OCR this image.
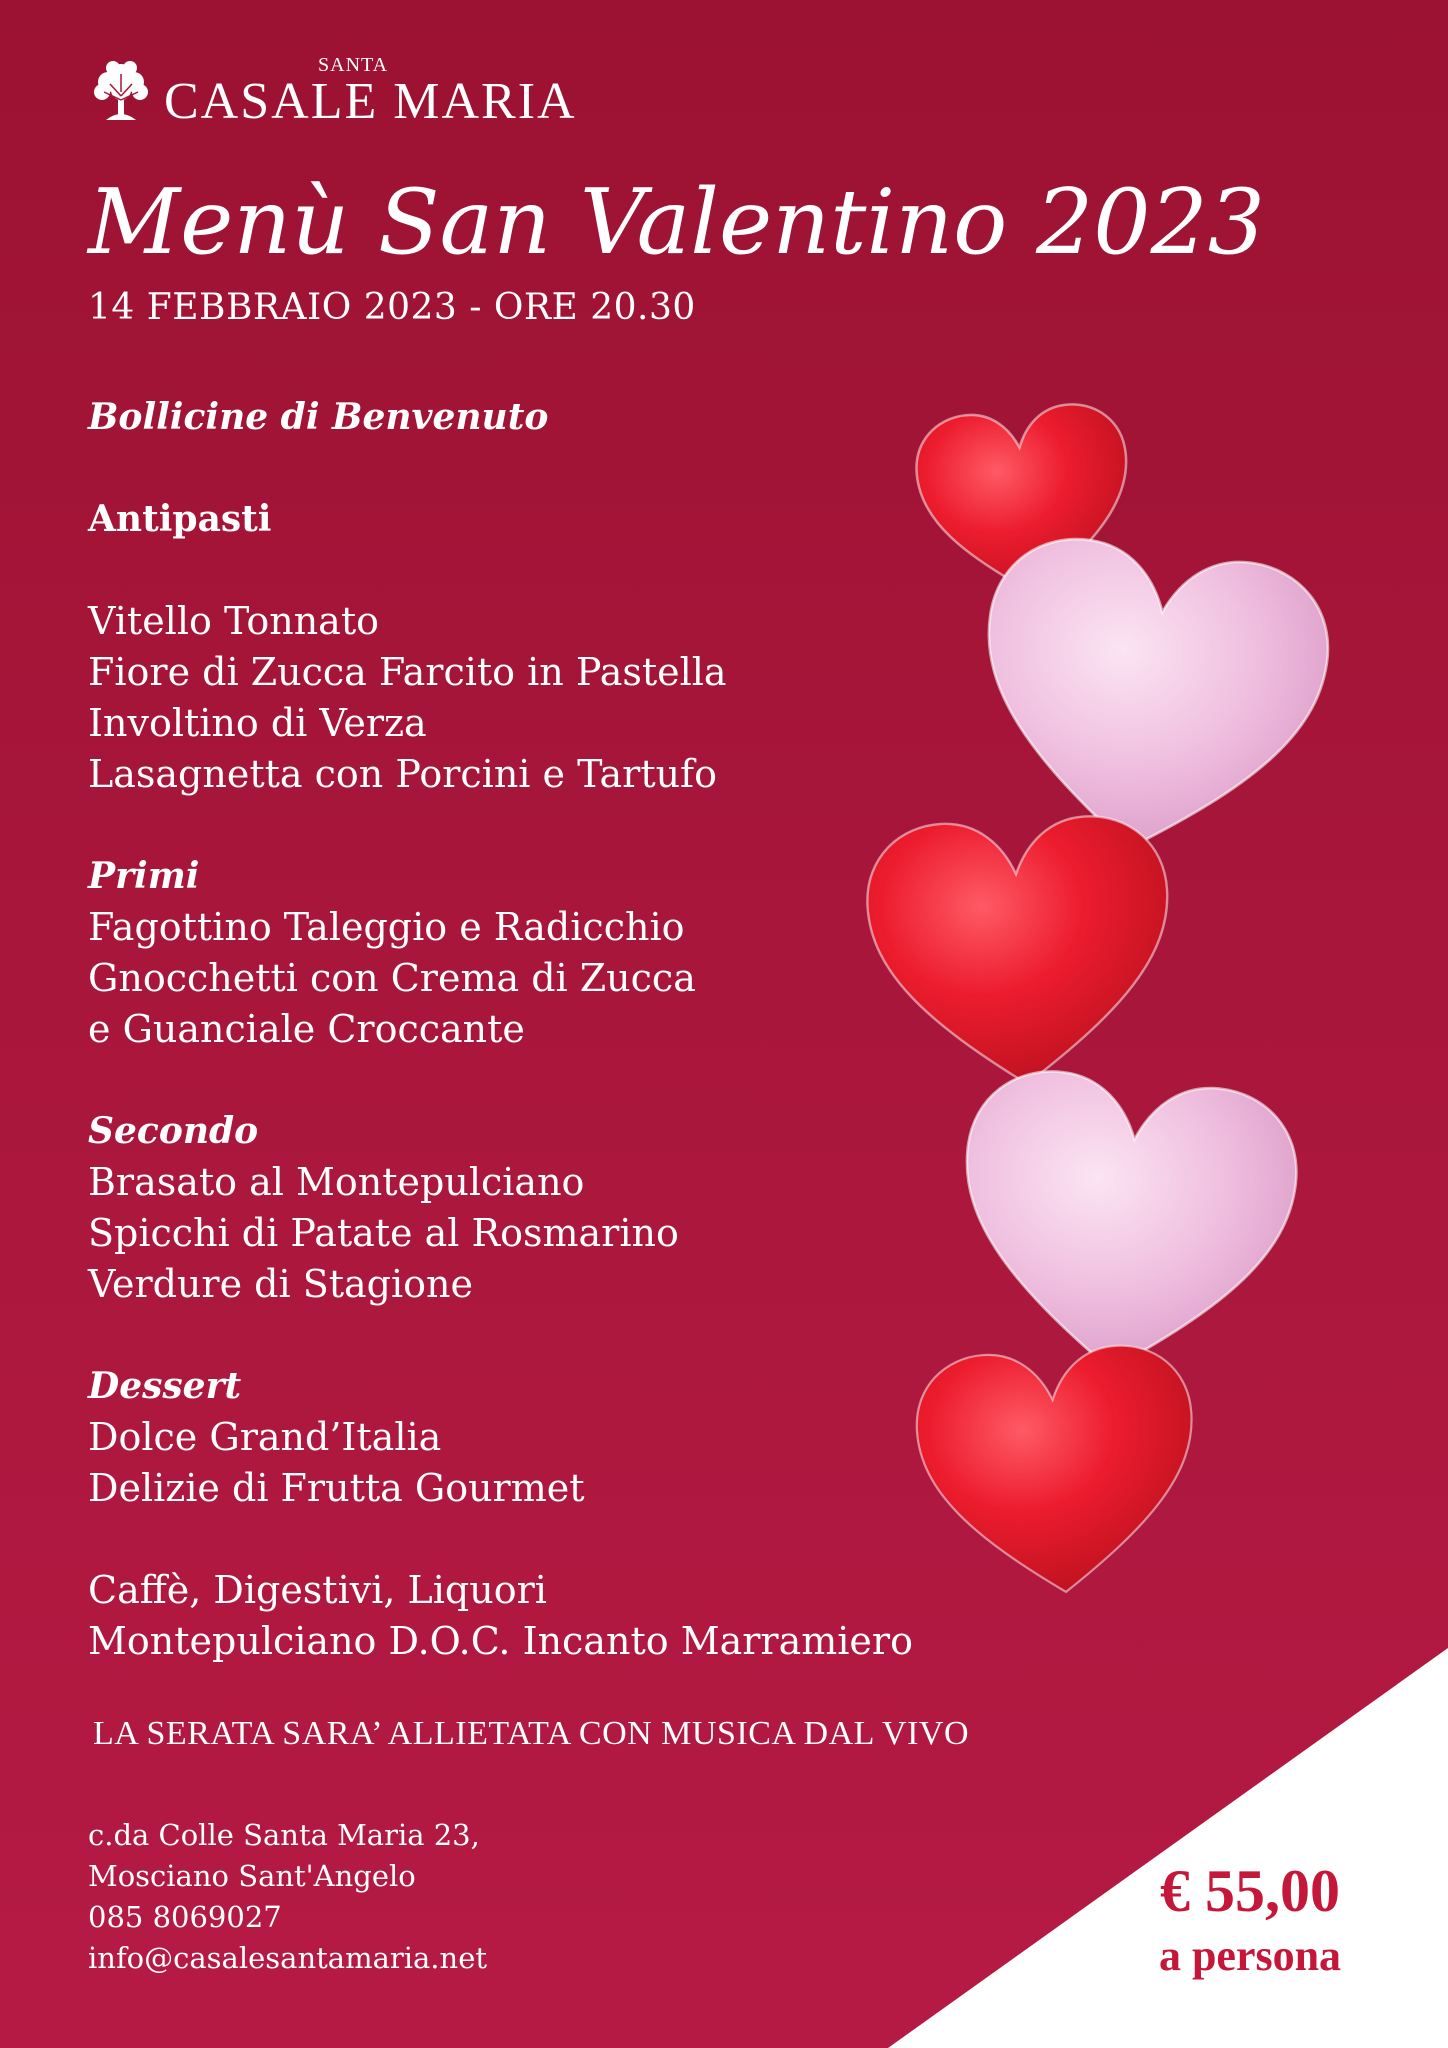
SANTA
CASALE MARIA
Menù San Valentino 2023
14 FEBBRAIO 2023 - ORE 20.30
Bollicine di Benvenuto
Antipasti
Vitello Tonnato
Fiore di Zucca Farcito in Pastella
Involtino di Verza
Lasagnetta con Porcini e Tartufo
Primi
Fagottino Taleggio e Radicchio
Gnocchetti con Crema di Zucca
e Guanciale Croccante
Secondo
Brasato al Montepulciano
Spicchi di Patate al Rosmarino
Verdure di Stagione
Dessert
Dolce Grand’Italia
Delizie di Frutta Gourmet
Caffè, Digestivi, Liquori
Montepulciano D.O.C. Incanto Marramiero
LA SERATA SARA’ ALLIETATA CON MUSICA DAL VIVO
c.da Colle Santa Maria 23,
Mosciano Sant'Angelo
085 8069027
info@casalesantamaria.net
€ 55,00
a persona
